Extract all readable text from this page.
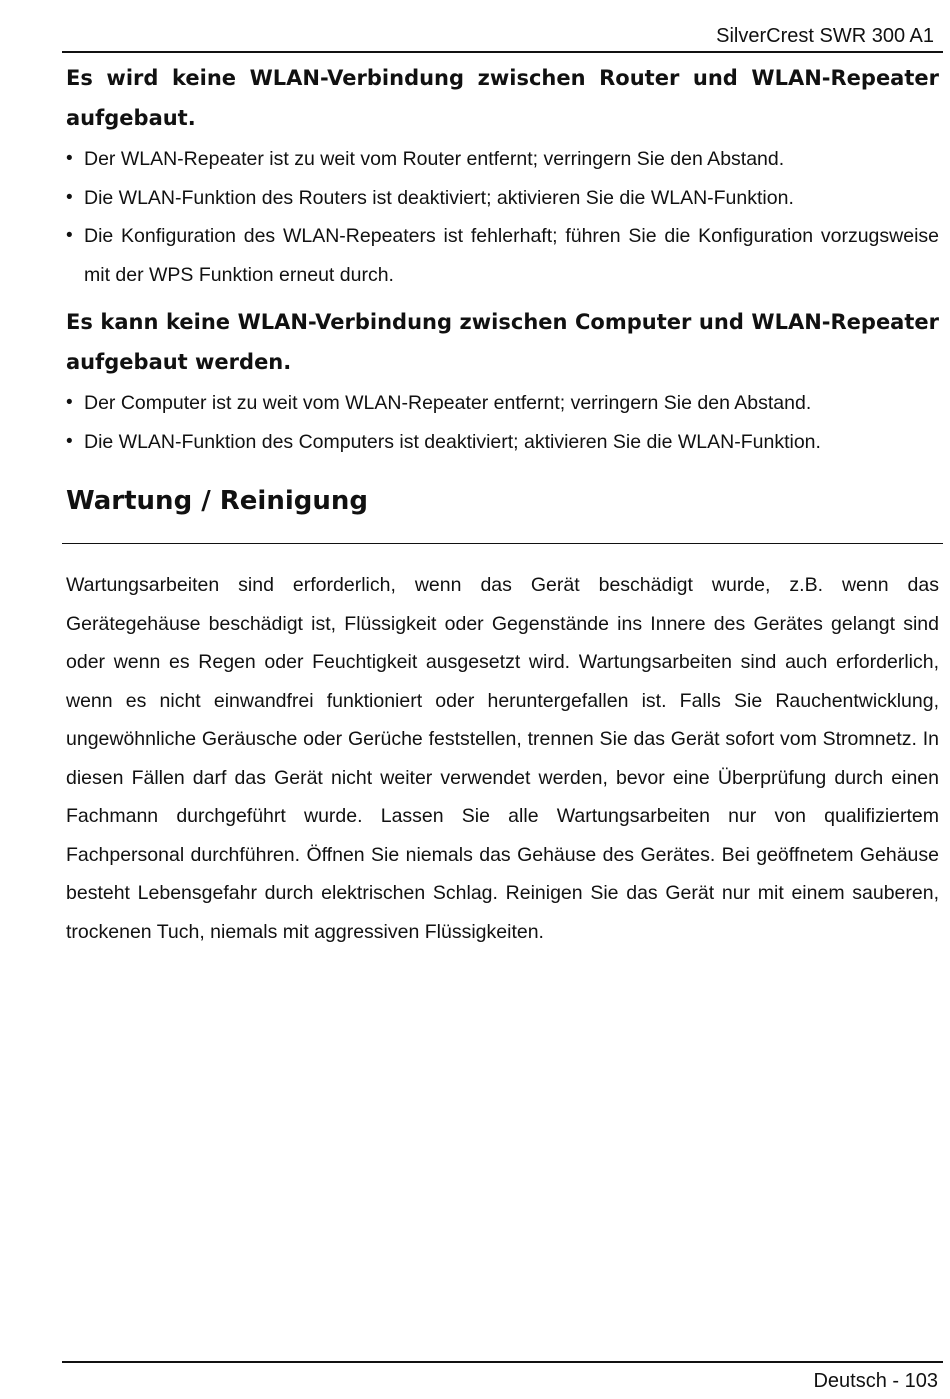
SilverCrest SWR 300 A1

Es wird keine WLAN-Verbindung zwischen Router und WLAN-Repeater aufgebaut.

• Der WLAN-Repeater ist zu weit vom Router entfernt; verringern Sie den Abstand.
• Die WLAN-Funktion des Routers ist deaktiviert; aktivieren Sie die WLAN-Funktion.
• Die Konfiguration des WLAN-Repeaters ist fehlerhaft; führen Sie die Konfiguration vorzugsweise mit der WPS Funktion erneut durch.

Es kann keine WLAN-Verbindung zwischen Computer und WLAN-Repeater aufgebaut werden.

• Der Computer ist zu weit vom WLAN-Repeater entfernt; verringern Sie den Abstand.
• Die WLAN-Funktion des Computers ist deaktiviert; aktivieren Sie die WLAN-Funktion.
Wartung / Reinigung

Wartungsarbeiten sind erforderlich, wenn das Gerät beschädigt wurde, z.B. wenn das Gerätegehäuse beschädigt ist, Flüssigkeit oder Gegenstände ins Innere des Gerätes gelangt sind oder wenn es Regen oder Feuchtigkeit ausgesetzt wird. Wartungsarbeiten sind auch erforderlich, wenn es nicht einwandfrei funktioniert oder heruntergefallen ist. Falls Sie Rauchentwicklung, ungewöhnliche Geräusche oder Gerüche feststellen, trennen Sie das Gerät sofort vom Stromnetz. In diesen Fällen darf das Gerät nicht weiter verwendet werden, bevor eine Überprüfung durch einen Fachmann durchgeführt wurde. Lassen Sie alle Wartungsarbeiten nur von qualifiziertem Fachpersonal durchführen. Öffnen Sie niemals das Gehäuse des Gerätes. Bei geöffnetem Gehäuse besteht Lebensgefahr durch elektrischen Schlag. Reinigen Sie das Gerät nur mit einem sauberen, trockenen Tuch, niemals mit aggressiven Flüssigkeiten.

Deutsch - 103
